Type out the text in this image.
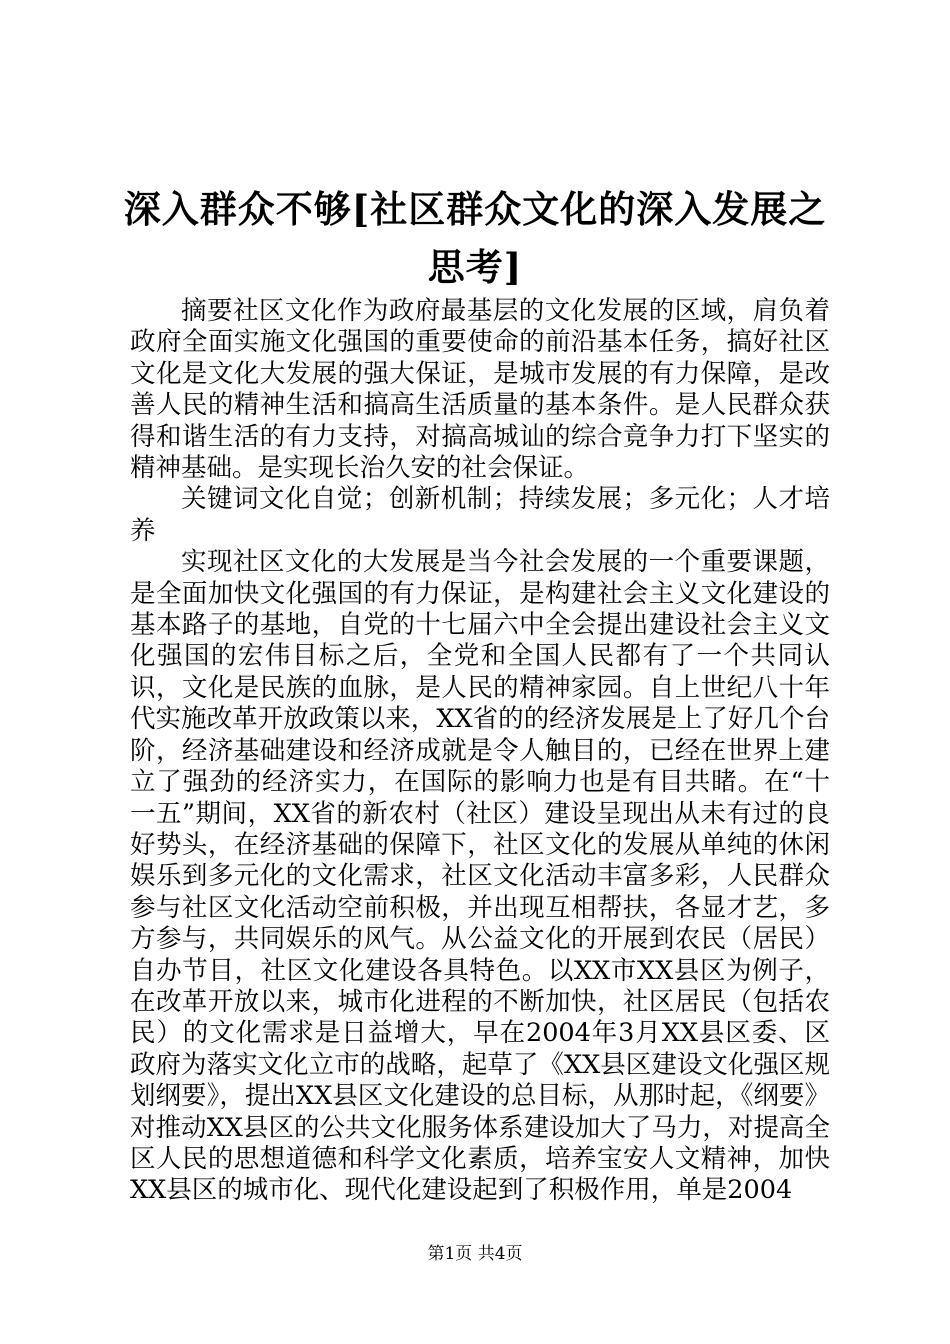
深入群众不够[社区群众文化的深入发展之思考]

摘要社区文化作为政府最基层的文化发展的区域，肩负着政府全面实施文化强国的重要使命的前沿基本任务，搞好社区文化是文化大发展的强大保证，是城市发展的有力保障，是改善人民的精神生活和搞高生活质量的基本条件。是人民群众获得和谐生活的有力支持，对搞高城讪的综合竟争力打下坚实的精神基础。是实现长治久安的社会保证。

关键词文化自觉；创新机制；持续发展；多元化；人才培养

实现社区文化的大发展是当今社会发展的一个重要课题，是全面加快文化强国的有力保证，是构建社会主义文化建设的基本路子的基地，自党的十七届六中全会提出建设社会主义文化强国的宏伟目标之后，全党和全国人民都有了一个共同认识，文化是民族的血脉，是人民的精神家园。自上世纪八十年代实施改革开放政策以来，XX省的的经济发展是上了好几个台阶，经济基础建设和经济成就是令人触目的，已经在世界上建立了强劲的经济实力，在国际的影响力也是有目共睹。在“十一五”期间，XX省的新农村（社区）建设呈现出从未有过的良好势头，在经济基础的保障下，社区文化的发展从单纯的休闲娱乐到多元化的文化需求，社区文化活动丰富多彩，人民群众参与社区文化活动空前积极，并出现互相帮扶，各显才艺，多方参与，共同娱乐的风气。从公益文化的开展到农民（居民）自办节目，社区文化建设各具特色。以XX市XX县区为例子，在改革开放以来，城市化进程的不断加快，社区居民（包括农民）的文化需求是日益增大，早在2004年3月XX县区委、区政府为落实文化立市的战略，起草了《XX县区建设文化强区规划纲要》，提出XX县区文化建设的总目标，从那时起，《纲要》对推动XX县区的公共文化服务体系建设加大了马力，对提高全区人民的思想道德和科学文化素质，培养宝安人文精神，加快XX县区的城市化、现代化建设起到了积极作用，单是2004

第1页 共4页
